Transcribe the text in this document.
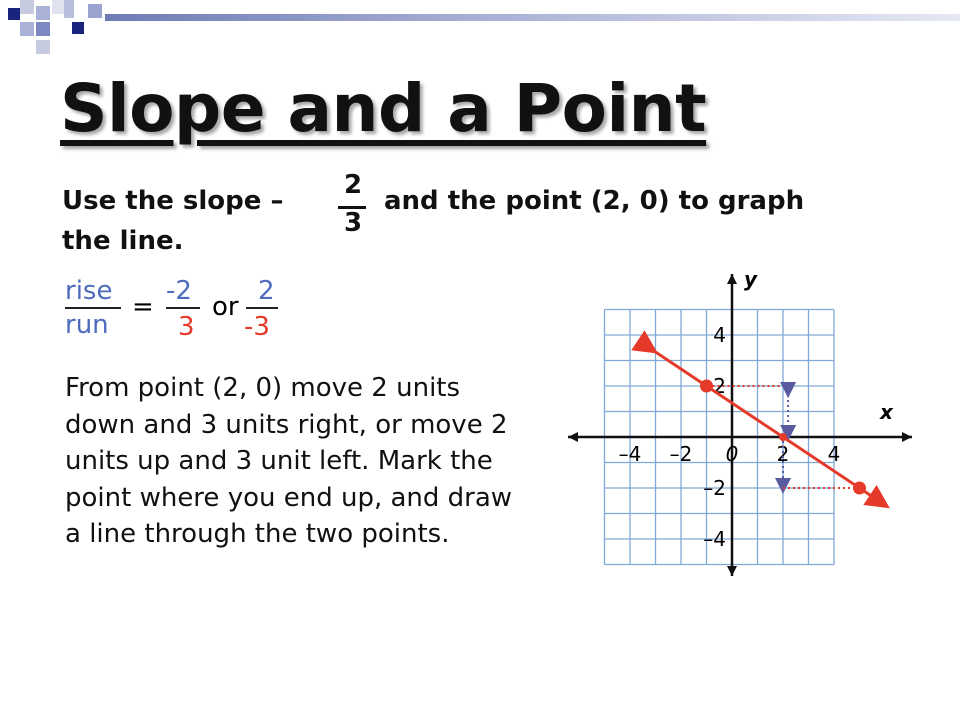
Slope and a Point
Use the slope –
2
3
and the point (2, 0) to graph
the line.
rise
run
=
-2
3
or
2
-3

From point (2, 0) move 2 units down and 3 units right, or move 2 units up and 3 unit left. Mark the point where you end up, and draw a line through the two points.

x
y
–4 –2 0 2 4
4
2
–2
–4
